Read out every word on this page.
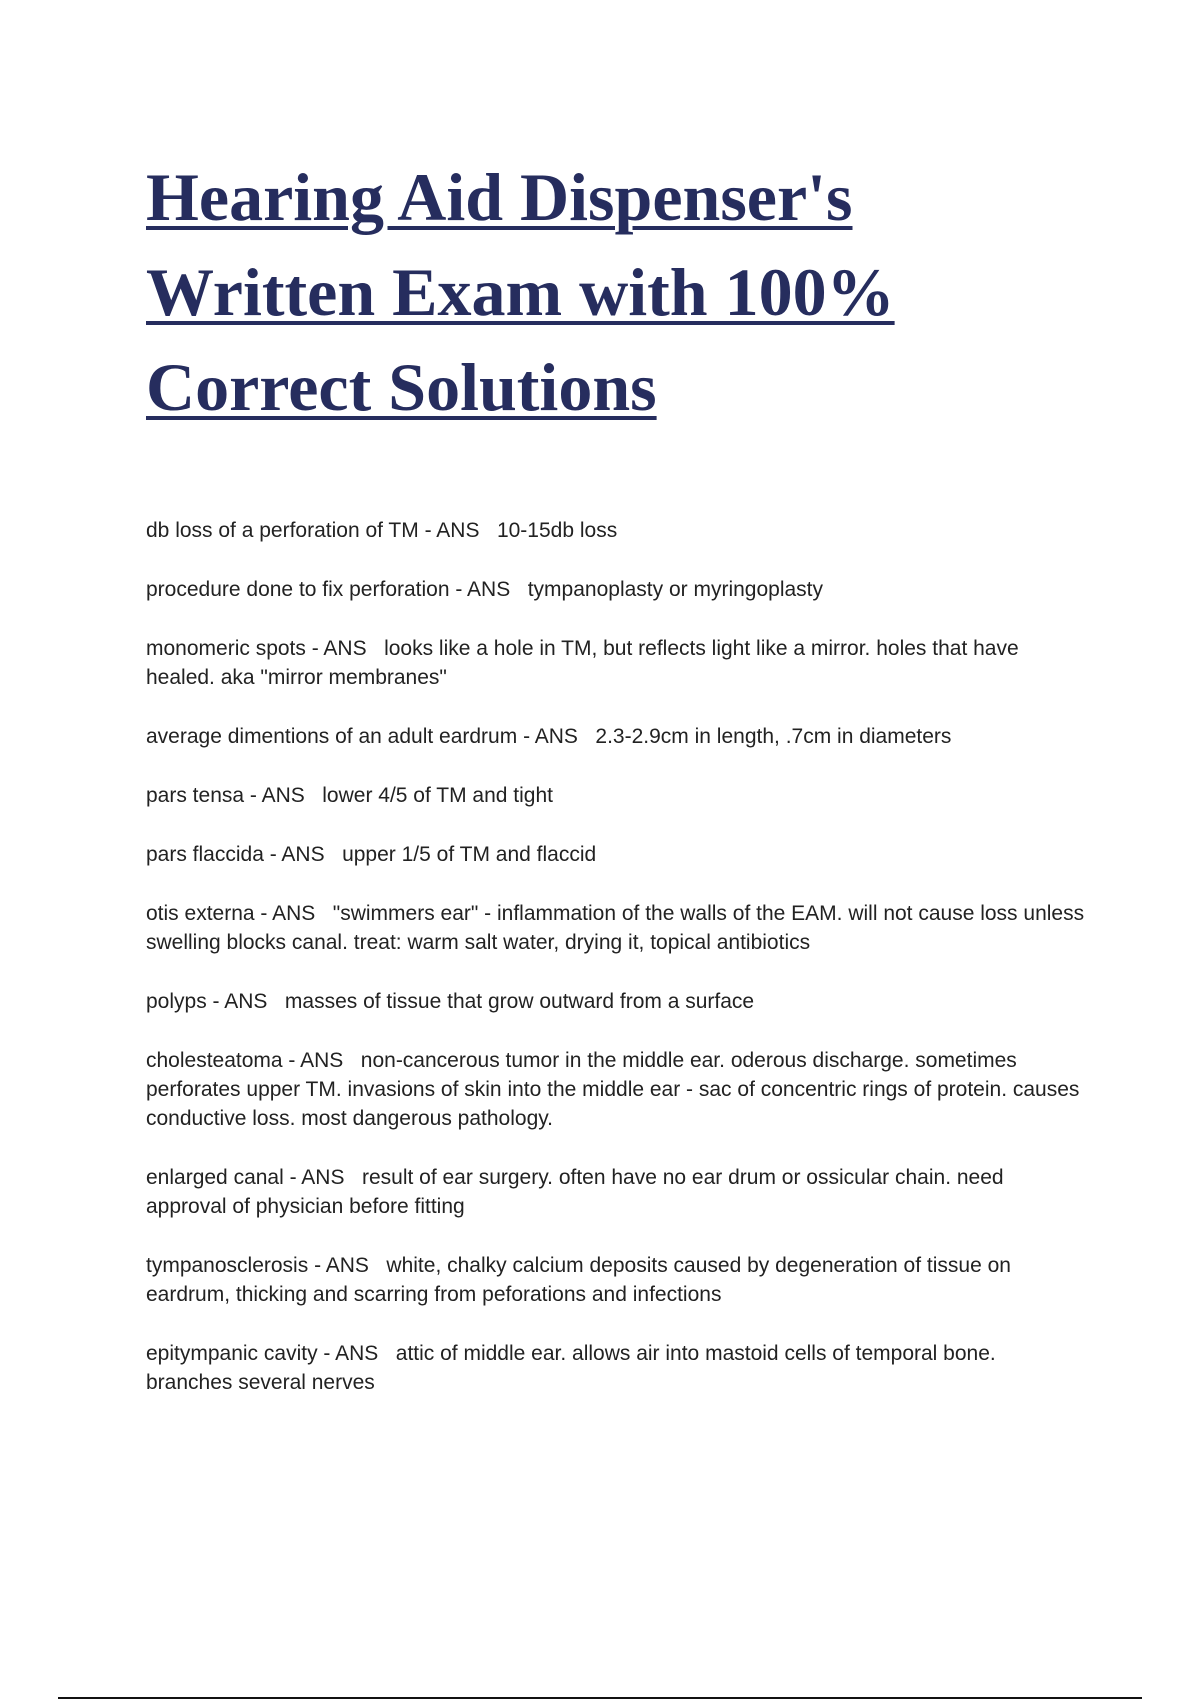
Hearing Aid Dispenser's
Written Exam with 100%
Correct Solutions
db loss of a perforation of TM - ANS   10-15db loss
procedure done to fix perforation - ANS   tympanoplasty or myringoplasty
monomeric spots - ANS   looks like a hole in TM, but reflects light like a mirror. holes that have healed. aka "mirror membranes"
average dimentions of an adult eardrum - ANS   2.3-2.9cm in length, .7cm in diameters
pars tensa - ANS   lower 4/5 of TM and tight
pars flaccida - ANS   upper 1/5 of TM and flaccid
otis externa - ANS   "swimmers ear" - inflammation of the walls of the EAM. will not cause loss unless swelling blocks canal. treat: warm salt water, drying it, topical antibiotics
polyps - ANS   masses of tissue that grow outward from a surface
cholesteatoma - ANS   non-cancerous tumor in the middle ear. oderous discharge. sometimes perforates upper TM. invasions of skin into the middle ear - sac of concentric rings of protein. causes conductive loss. most dangerous pathology.
enlarged canal - ANS   result of ear surgery. often have no ear drum or ossicular chain. need approval of physician before fitting
tympanosclerosis - ANS   white, chalky calcium deposits caused by degeneration of tissue on eardrum, thicking and scarring from peforations and infections
epitympanic cavity - ANS   attic of middle ear. allows air into mastoid cells of temporal bone. branches several nerves
